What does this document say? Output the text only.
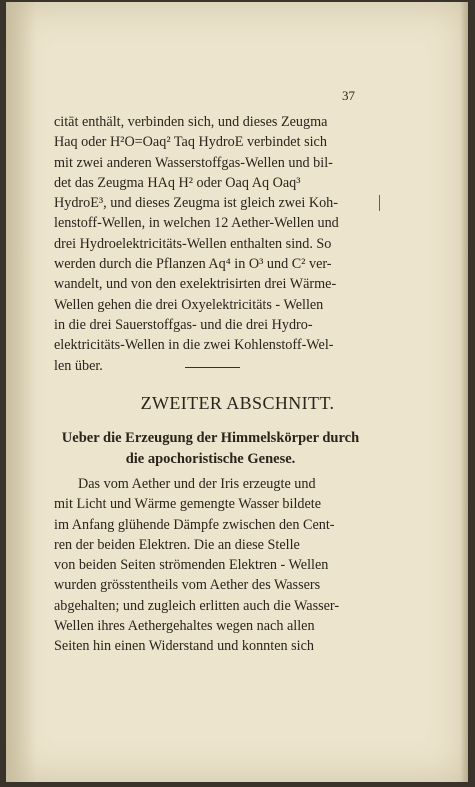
37
citāt enthält, verbinden sich, und dieses Zeugma
Haq oder H²O=Oaq² Taq HydroE verbindet sich
mit zwei anderen Wasserstoffgas-Wellen und bil-
det das Zeugma HAq H² oder Oaq Aq Oaq³
HydroE³, und dieses Zeugma ist gleich zwei Koh-
lenstoff-Wellen, in welchen 12 Aether-Wellen und
drei Hydroelektricitäts-Wellen enthalten sind. So
werden durch die Pflanzen Aq⁴ in O³ und C² ver-
wandelt, und von den exelektrisirten drei Wärme-
Wellen gehen die drei Oxyelektricitäts - Wellen
in die drei Sauerstoffgas- und die drei Hydro-
elektricitäts-Wellen in die zwei Kohlenstoff-Wel-
len über.
ZWEITER ABSCHNITT.
Ueber die Erzeugung der Himmelskörper durch
die apochoristische Genese.
Das vom Aether und der Iris erzeugte und
mit Licht und Wärme gemengte Wasser bildete
im Anfang glühende Dämpfe zwischen den Cent-
ren der beiden Elektren. Die an diese Stelle
von beiden Seiten strömenden Elektren - Wellen
wurden grösstentheils vom Aether des Wassers
abgehalten; und zugleich erlitten auch die Wasser-
Wellen ihres Aethergehaltes wegen nach allen
Seiten hin einen Widerstand und konnten sich
